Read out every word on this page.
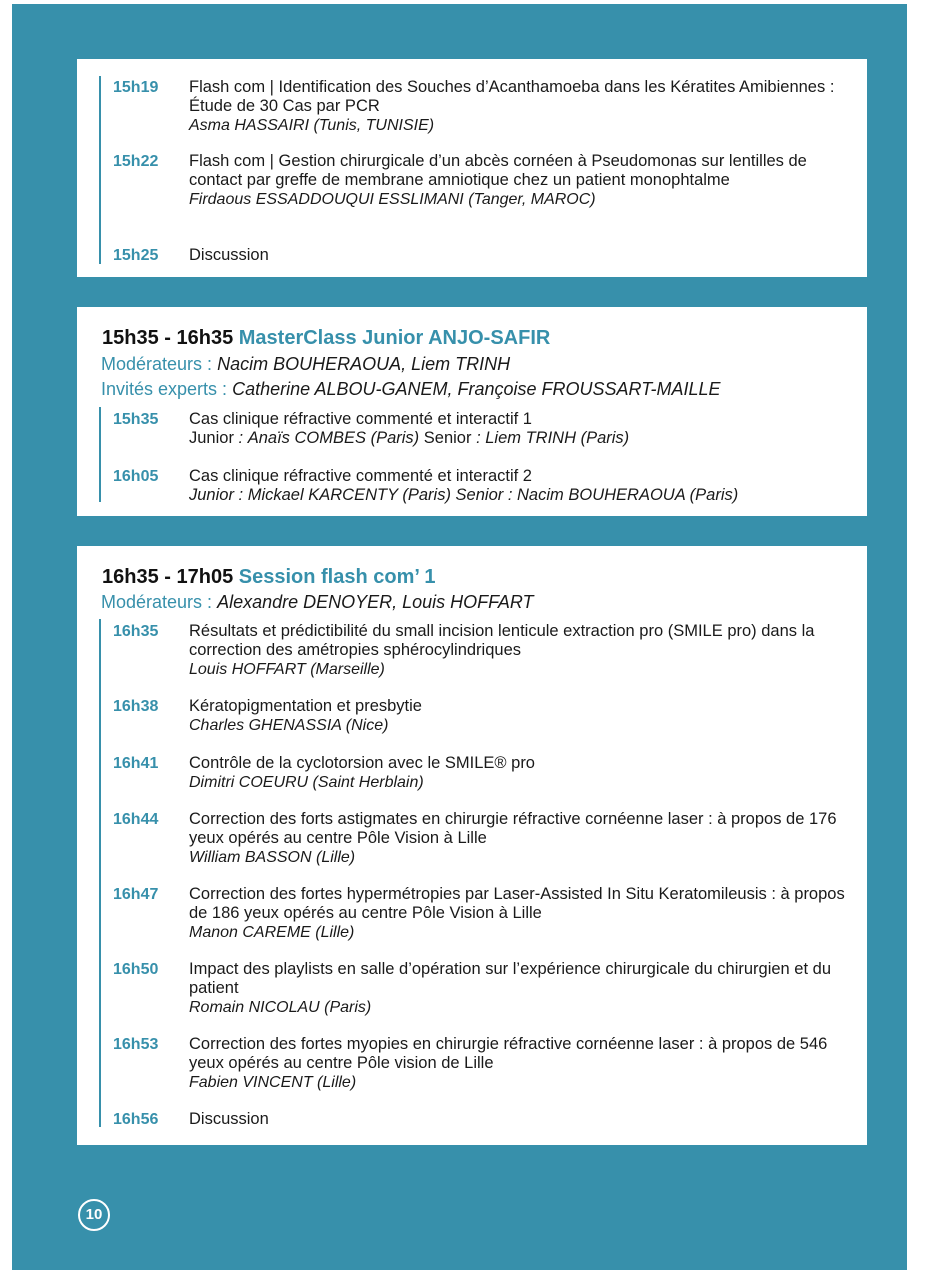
15h19	Flash com | Identification des Souches d’Acanthamoeba dans les Kératites Amibiennes : Étude de 30 Cas par PCR
Asma HASSAIRI (Tunis, TUNISIE)
15h22	Flash com | Gestion chirurgicale d’un abcès cornéen à Pseudomonas sur lentilles de contact par greffe de membrane amniotique chez un patient monophtalme
Firdaous ESSADDOUQUI ESSLIMANI (Tanger, MAROC)
15h25	Discussion
15h35 - 16h35 MasterClass Junior ANJO-SAFIR
Modérateurs : Nacim BOUHERAOUA, Liem TRINH
Invités experts : Catherine ALBOU-GANEM, Françoise FROUSSART-MAILLE
15h35	Cas clinique réfractive commenté et interactif 1
Junior : Anaïs COMBES (Paris) Senior : Liem TRINH (Paris)
16h05	Cas clinique réfractive commenté et interactif 2
Junior : Mickael KARCENTY (Paris) Senior : Nacim BOUHERAOUA (Paris)
16h35 - 17h05 Session flash com’ 1
Modérateurs : Alexandre DENOYER, Louis HOFFART
16h35	Résultats et prédictibilité du small incision lenticule extraction pro (SMILE pro) dans la correction des amétropies sphérocylindriques
Louis HOFFART (Marseille)
16h38	Kératopigmentation et presbytie
Charles GHENASSIA (Nice)
16h41	Contrôle de la cyclotorsion avec le SMILE® pro
Dimitri COEURU (Saint Herblain)
16h44	Correction des forts astigmates en chirurgie réfractive cornéenne laser : à propos de 176 yeux opérés au centre Pôle Vision à Lille
William BASSON (Lille)
16h47	Correction des fortes hypermétropies par Laser-Assisted In Situ Keratomileusis : à propos de 186 yeux opérés au centre Pôle Vision à Lille
Manon CAREME (Lille)
16h50	Impact des playlists en salle d’opération sur l’expérience chirurgicale du chirurgien et du patient
Romain NICOLAU (Paris)
16h53	Correction des fortes myopies en chirurgie réfractive cornéenne laser : à propos de 546 yeux opérés au centre Pôle vision de Lille
Fabien VINCENT (Lille)
16h56	Discussion
10
